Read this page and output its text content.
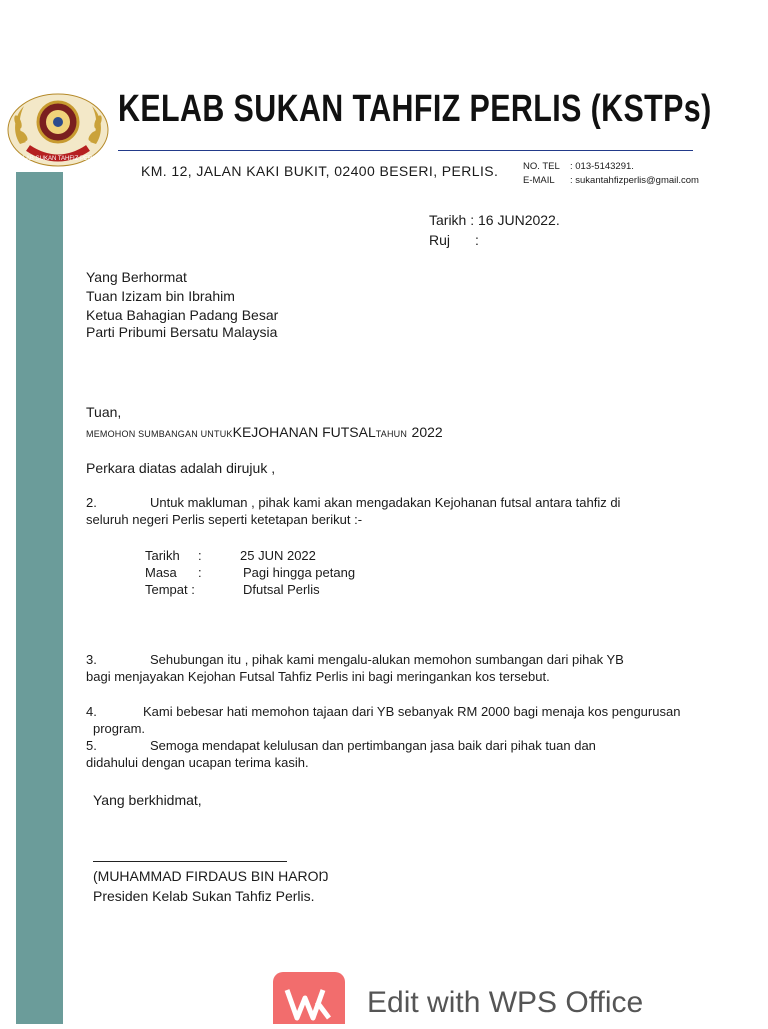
KELAB SUKAN TAHFIZ PERLIS
KELAB SUKAN TAHFIZ PERLIS (KSTPs)
KM. 12, JALAN KAKI BUKIT, 02400 BESERI, PERLIS.	NO. TEL : 013-5143291.
E-MAIL : sukantahfizperlis@gmail.com
Tarikh : 16 JUN2022.
Ruj :
Yang Berhormat
Tuan Izizam bin Ibrahim
Ketua Bahagian Padang Besar
Parti Pribumi Bersatu Malaysia
Tuan,
MEMOHON SUMBANGAN UNTUKKEJOHANAN FUTSALTAHUN 2022
Perkara diatas adalah dirujuk ,
2.	Untuk makluman , pihak kami akan mengadakan Kejohanan futsal antara tahfiz di
seluruh negeri Perlis seperti ketetapan berikut :-
Tarikh :	25 JUN 2022
Masa :	Pagi hingga petang
Tempat :	Dfutsal Perlis
3.	Sehubungan itu , pihak kami mengalu-alukan memohon sumbangan dari pihak YB
bagi menjayakan Kejohan Futsal Tahfiz Perlis ini bagi meringankan kos tersebut.
4.	Kami bebesar hati memohon tajaan dari YB sebanyak RM 2000 bagi menaja kos pengurusan
program.
5.	Semoga mendapat kelulusan dan pertimbangan jasa baik dari pihak tuan dan
didahului dengan ucapan terima kasih.
Yang berkhidmat,
(MUHAMMAD FIRDAUS BIN HAROŊ
Presiden Kelab Sukan Tahfiz Perlis.
Edit with WPS Office
